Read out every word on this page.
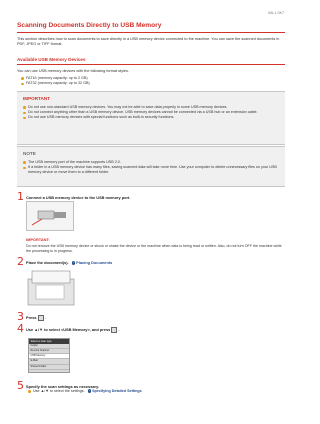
0AL1-0K7
Scanning Documents Directly to USB Memory

This section describes how to scan documents to save directly in a USB memory device connected to the machine. You can save the scanned documents in PDF, JPEG or TIFF format.

Available USB Memory Devices

You can use USB memory devices with the following format styles.

FAT16 (memory capacity: up to 2 GB)
FAT32 (memory capacity: up to 32 GB)
IMPORTANT
Do not use non-standard USB memory devices. You may not be able to save data properly in some USB memory devices.
Do not connect anything other than a USB memory device. USB memory devices cannot be connected via a USB hub or an extension cable.
Do not use USB memory devices with special functions such as built-in security functions.
NOTE
The USB memory port of the machine supports USB 2.0.
If a folder in a USB memory device has many files, saving scanned data will take more time. Use your computer to delete unnecessary files on your USB memory device or move them to a different folder.
1 Connect a USB memory device to the USB memory port.

IMPORTANT:

Do not remove the USB memory device or shock or shake the device or the machine when data is being read or written. Also, do not turn OFF the machine while the processing is in progress.

2 Place the document(s). › Placing Documents

3 Press .

4 Use ▲/▼ to select <USB Memory>, and press .

Select a scan type
Copier
Remote Scanner
USB Memory
E-Mail
Shared Folder
5 Specify the scan settings as necessary.

Use ▲/▼ to select the settings. › Specifying Detailed Settings
